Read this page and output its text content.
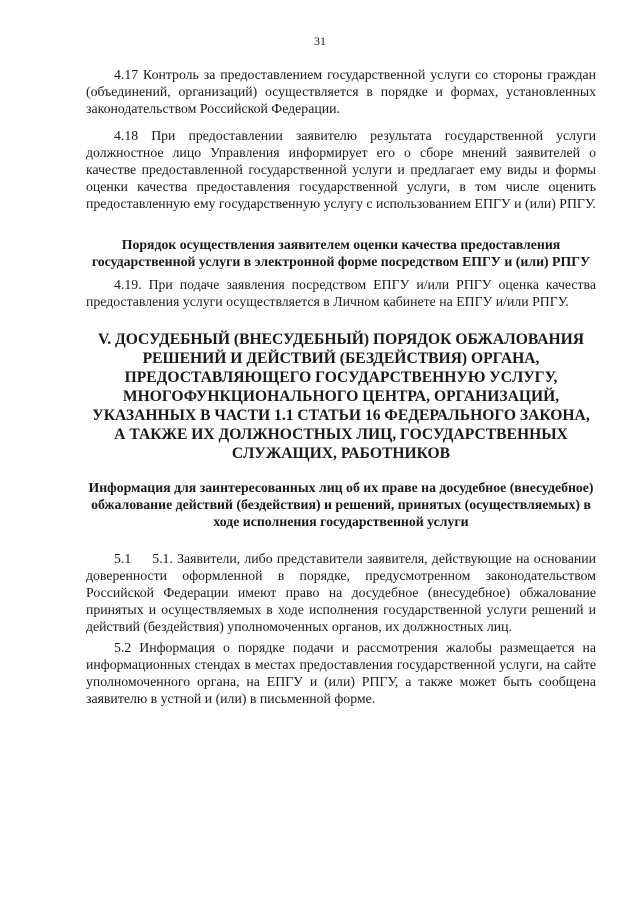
31

4.17 Контроль за предоставлением государственной услуги со стороны граждан (объединений, организаций) осуществляется в порядке и формах, установленных законодательством Российской Федерации.

4.18 При предоставлении заявителю результата государственной услуги должностное лицо Управления информирует его о сборе мнений заявителей о качестве предоставленной государственной услуги и предлагает ему виды и формы оценки качества предоставления государственной услуги, в том числе оценить предоставленную ему государственную услугу с использованием ЕПГУ и (или) РПГУ.

Порядок осуществления заявителем оценки качества предоставления государственной услуги в электронной форме посредством ЕПГУ и (или) РПГУ

4.19. При подаче заявления посредством ЕПГУ и/или РПГУ оценка качества предоставления услуги осуществляется в Личном кабинете на ЕПГУ и/или РПГУ.

V. ДОСУДЕБНЫЙ (ВНЕСУДЕБНЫЙ) ПОРЯДОК ОБЖАЛОВАНИЯ РЕШЕНИЙ И ДЕЙСТВИЙ (БЕЗДЕЙСТВИЯ) ОРГАНА, ПРЕДОСТАВЛЯЮЩЕГО ГОСУДАРСТВЕННУЮ УСЛУГУ, МНОГОФУНКЦИОНАЛЬНОГО ЦЕНТРА, ОРГАНИЗАЦИЙ, УКАЗАННЫХ В ЧАСТИ 1.1 СТАТЬИ 16 ФЕДЕРАЛЬНОГО ЗАКОНА, А ТАКЖЕ ИХ ДОЛЖНОСТНЫХ ЛИЦ, ГОСУДАРСТВЕННЫХ СЛУЖАЩИХ, РАБОТНИКОВ
Информация для заинтересованных лиц об их праве на досудебное (внесудебное) обжалование действий (бездействия) и решений, принятых (осуществляемых) в ходе исполнения государственной услуги

5.1 5.1. Заявители, либо представители заявителя, действующие на основании доверенности оформленной в порядке, предусмотренном законодательством Российской Федерации имеют право на досудебное (внесудебное) обжалование принятых и осуществляемых в ходе исполнения государственной услуги решений и действий (бездействия) уполномоченных органов, их должностных лиц.

5.2 Информация о порядке подачи и рассмотрения жалобы размещается на информационных стендах в местах предоставления государственной услуги, на сайте уполномоченного органа, на ЕПГУ и (или) РПГУ, а также может быть сообщена заявителю в устной и (или) в письменной форме.
